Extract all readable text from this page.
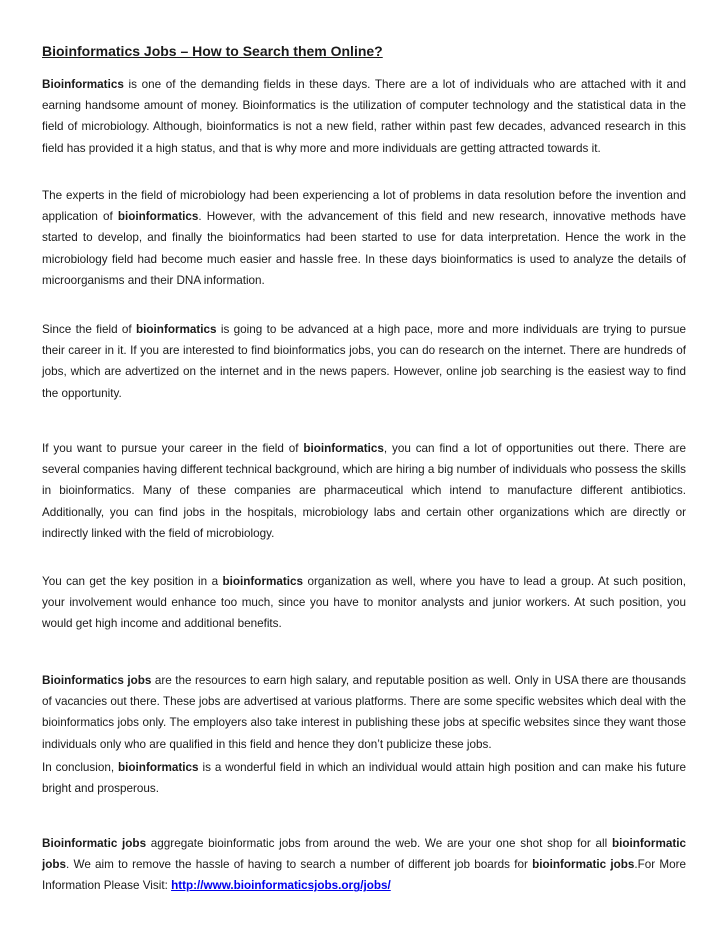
Bioinformatics Jobs – How to Search them Online?

Bioinformatics is one of the demanding fields in these days. There are a lot of individuals who are attached with it and earning handsome amount of money. Bioinformatics is the utilization of computer technology and the statistical data in the field of microbiology. Although, bioinformatics is not a new field, rather within past few decades, advanced research in this field has provided it a high status, and that is why more and more individuals are getting attracted towards it.

The experts in the field of microbiology had been experiencing a lot of problems in data resolution before the invention and application of bioinformatics. However, with the advancement of this field and new research, innovative methods have started to develop, and finally the bioinformatics had been started to use for data interpretation. Hence the work in the microbiology field had become much easier and hassle free. In these days bioinformatics is used to analyze the details of microorganisms and their DNA information.

Since the field of bioinformatics is going to be advanced at a high pace, more and more individuals are trying to pursue their career in it. If you are interested to find bioinformatics jobs, you can do research on the internet. There are hundreds of jobs, which are advertized on the internet and in the news papers. However, online job searching is the easiest way to find the opportunity.

If you want to pursue your career in the field of bioinformatics, you can find a lot of opportunities out there. There are several companies having different technical background, which are hiring a big number of individuals who possess the skills in bioinformatics. Many of these companies are pharmaceutical which intend to manufacture different antibiotics. Additionally, you can find jobs in the hospitals, microbiology labs and certain other organizations which are directly or indirectly linked with the field of microbiology.

You can get the key position in a bioinformatics organization as well, where you have to lead a group. At such position, your involvement would enhance too much, since you have to monitor analysts and junior workers. At such position, you would get high income and additional benefits.

Bioinformatics jobs are the resources to earn high salary, and reputable position as well. Only in USA there are thousands of vacancies out there. These jobs are advertised at various platforms. There are some specific websites which deal with the bioinformatics jobs only. The employers also take interest in publishing these jobs at specific websites since they want those individuals only who are qualified in this field and hence they don’t publicize these jobs.

In conclusion, bioinformatics is a wonderful field in which an individual would attain high position and can make his future bright and prosperous.

Bioinformatic jobs aggregate bioinformatic jobs from around the web. We are your one shot shop for all bioinformatic jobs. We aim to remove the hassle of having to search a number of different job boards for bioinformatic jobs.For More Information Please Visit: http://www.bioinformaticsjobs.org/jobs/
